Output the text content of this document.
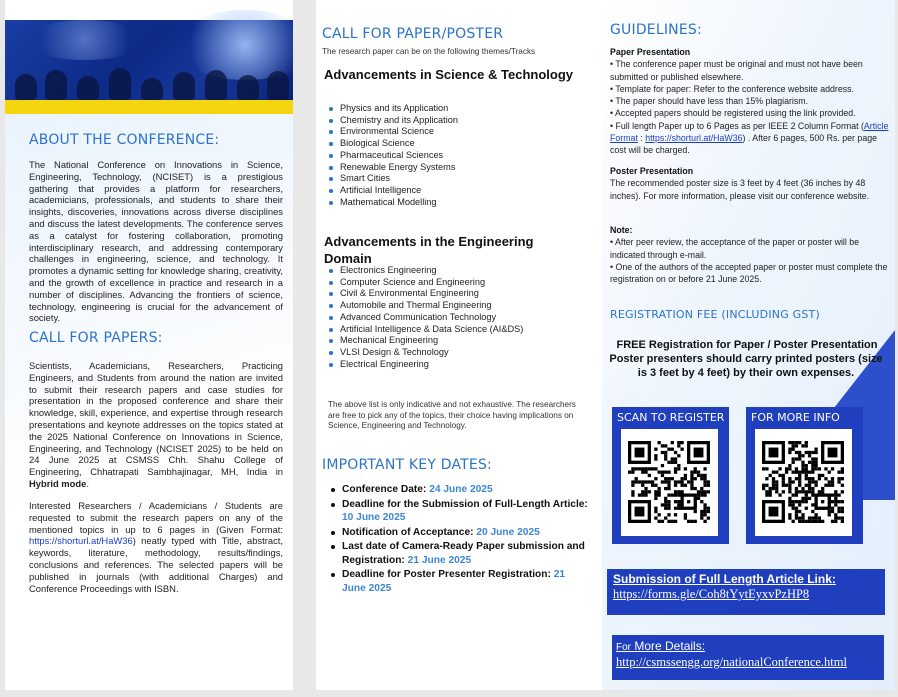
ABOUT THE CONFERENCE:

The National Conference on Innovations in Science, Engineering, Technology, (NCISET) is a prestigious gathering that provides a platform for researchers, academicians, professionals, and students to share their insights, discoveries, innovations across diverse disciplines and discuss the latest developments. The conference serves as a catalyst for fostering collaboration, promoting interdisciplinary research, and addressing contemporary challenges in engineering, science, and technology. It promotes a dynamic setting for knowledge sharing, creativity, and the growth of excellence in practice and research in a number of disciplines. Advancing the frontiers of science, technology, engineering is crucial for the advancement of society.

CALL FOR PAPERS:

Scientists, Academicians, Researchers, Practicing Engineers, and Students from around the nation are invited to submit their research papers and case studies for presentation in the proposed conference and share their knowledge, skill, experience, and expertise through research presentations and keynote addresses on the topics stated at the 2025 National Conference on Innovations in Science, Engineering, and Technology (NCISET 2025) to be held on 24 June 2025 at CSMSS Chh. Shahu College of Engineering, Chhatrapati Sambhajinagar, MH, India in Hybrid mode.

Interested Researchers / Academicians / Students are requested to submit the research papers on any of the mentioned topics in up to 6 pages in (Given Format: https://shorturl.at/HaW36) neatly typed with Title, abstract, keywords, literature, methodology, results/findings, conclusions and references. The selected papers will be published in journals (with additional Charges) and Conference Proceedings with ISBN.

CALL FOR PAPER/POSTER

The research paper can be on the following themes/Tracks

Advancements in Science & Technology
Physics and its Application
Chemistry and its Application
Environmental Science
Biological Science
Pharmaceutical Sciences
Renewable Energy Systems
Smart Cities
Artificial Intelligence
Mathematical Modelling
Advancements in the Engineering Domain
Electronics Engineering
Computer Science and Engineering
Civil & Environmental Engineering
Automobile and Thermal Engineering
Advanced Communication Technology
Artificial Intelligence & Data Science (AI&DS)
Mechanical Engineering
VLSI Design & Technology
Electrical Engineering

The above list is only indicative and not exhaustive. The researchers are free to pick any of the topics, their choice having implications on Science, Engineering and Technology.

IMPORTANT KEY DATES:
Conference Date: 24 June 2025
Deadline for the Submission of Full-Length Article: 10 June 2025
Notification of Acceptance: 20 June 2025
Last date of Camera-Ready Paper submission and Registration: 21 June 2025
Deadline for Poster Presenter Registration: 21 June 2025
GUIDELINES:
Paper Presentation
• The conference paper must be original and must not have been submitted or published elsewhere.
• Template for paper: Refer to the conference website address.
• The paper should have less than 15% plagiarism.
• Accepted papers should be registered using the link provided.
• Full length Paper up to 6 Pages as per IEEE 2 Column Format (Article Format : https://shorturl.at/HaW36) . After 6 pages, 500 Rs. per page cost will be charged.
Poster Presentation
The recommended poster size is 3 feet by 4 feet (36 inches by 48 inches). For more information, please visit our conference website.
Note:
• After peer review, the acceptance of the paper or poster will be indicated through e-mail.
• One of the authors of the accepted paper or poster must complete the registration on or before 21 June 2025.
REGISTRATION FEE (INCLUDING GST)
FREE Registration for Paper / Poster Presentation
Poster presenters should carry printed posters (size is 3 feet by 4 feet) by their own expenses.
SCAN TO REGISTER FOR MORE INFO
Submission of Full Length Article Link:
https://forms.gle/Coh8tYytEyxvPzHP8
For More Details:
http://csmssengg.org/nationalConference.html
